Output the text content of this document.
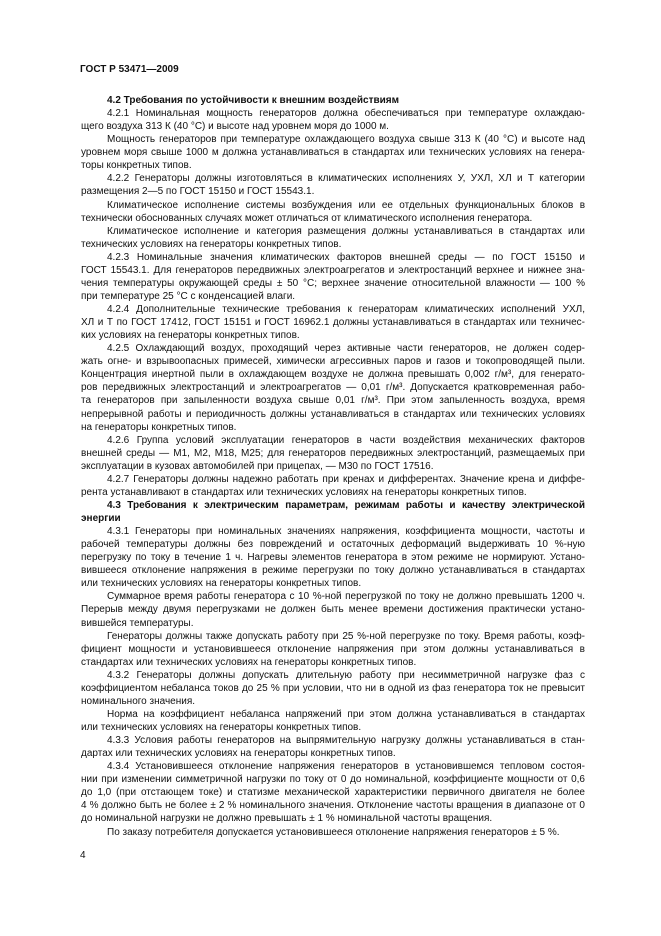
ГОСТ Р 53471—2009
4.2 Требования по устойчивости к внешним воздействиям
4.2.1 Номинальная мощность генераторов должна обеспечиваться при температуре охлаждаю-
щего воздуха 313 К (40 °С) и высоте над уровнем моря до 1000 м.
Мощность генераторов при температуре охлаждающего воздуха свыше 313 К (40 °С) и высоте над
уровнем моря свыше 1000 м должна устанавливаться в стандартах или технических условиях на генера-
торы конкретных типов.
4.2.2 Генераторы должны изготовляться в климатических исполнениях У, УХЛ, ХЛ и Т категории
размещения 2—5 по ГОСТ 15150 и ГОСТ 15543.1.
Климатическое исполнение системы возбуждения или ее отдельных функциональных блоков в
технически обоснованных случаях может отличаться от климатического исполнения генератора.
Климатическое исполнение и категория размещения должны устанавливаться в стандартах или
технических условиях на генераторы конкретных типов.
4.2.3 Номинальные значения климатических факторов внешней среды — по ГОСТ 15150 и
ГОСТ 15543.1. Для генераторов передвижных электроагрегатов и электростанций верхнее и нижнее зна-
чения температуры окружающей среды ± 50 °С; верхнее значение относительной влажности — 100 %
при температуре 25 °С с конденсацией влаги.
4.2.4 Дополнительные технические требования к генераторам климатических исполнений УХЛ,
ХЛ и Т по ГОСТ 17412, ГОСТ 15151 и ГОСТ 16962.1 должны устанавливаться в стандартах или техничес-
ких условиях на генераторы конкретных типов.
4.2.5 Охлаждающий воздух, проходящий через активные части генераторов, не должен содер-
жать огне- и взрывоопасных примесей, химически агрессивных паров и газов и токопроводящей пыли.
Концентрация инертной пыли в охлаждающем воздухе не должна превышать 0,002 г/м³, для генерато-
ров передвижных электростанций и электроагрегатов — 0,01 г/м³. Допускается кратковременная рабо-
та генераторов при запыленности воздуха свыше 0,01 г/м³. При этом запыленность воздуха, время
непрерывной работы и периодичность должны устанавливаться в стандартах или технических условиях
на генераторы конкретных типов.
4.2.6 Группа условий эксплуатации генераторов в части воздействия механических факторов
внешней среды — М1, М2, М18, М25; для генераторов передвижных электростанций, размещаемых при
эксплуатации в кузовах автомобилей при прицепах, — М30 по ГОСТ 17516.
4.2.7 Генераторы должны надежно работать при кренах и дифферентах. Значение крена и диффе-
рента устанавливают в стандартах или технических условиях на генераторы конкретных типов.
4.3 Требования к электрическим параметрам, режимам работы и качеству электрической
энергии
4.3.1 Генераторы при номинальных значениях напряжения, коэффициента мощности, частоты и
рабочей температуры должны без повреждений и остаточных деформаций выдерживать 10 %-ную
перегрузку по току в течение 1 ч. Нагревы элементов генератора в этом режиме не нормируют. Устано-
вившееся отклонение напряжения в режиме перегрузки по току должно устанавливаться в стандартах
или технических условиях на генераторы конкретных типов.
Суммарное время работы генератора с 10 %-ной перегрузкой по току не должно превышать 1200 ч.
Перерыв между двумя перегрузками не должен быть менее времени достижения практически устано-
вившейся температуры.
Генераторы должны также допускать работу при 25 %-ной перегрузке по току. Время работы, коэф-
фициент мощности и установившееся отклонение напряжения при этом должны устанавливаться в
стандартах или технических условиях на генераторы конкретных типов.
4.3.2 Генераторы должны допускать длительную работу при несимметричной нагрузке фаз с
коэффициентом небаланса токов до 25 % при условии, что ни в одной из фаз генератора ток не превысит
номинального значения.
Норма на коэффициент небаланса напряжений при этом должна устанавливаться в стандартах
или технических условиях на генераторы конкретных типов.
4.3.3 Условия работы генераторов на выпрямительную нагрузку должны устанавливаться в стан-
дартах или технических условиях на генераторы конкретных типов.
4.3.4 Установившееся отклонение напряжения генераторов в установившемся тепловом состоя-
нии при изменении симметричной нагрузки по току от 0 до номинальной, коэффициенте мощности от 0,6
до 1,0 (при отстающем токе) и статизме механической характеристики первичного двигателя не более
4 % должно быть не более ± 2 % номинального значения. Отклонение частоты вращения в диапазоне от 0
до номинальной нагрузки не должно превышать ± 1 % номинальной частоты вращения.
По заказу потребителя допускается установившееся отклонение напряжения генераторов ± 5 %.
4
